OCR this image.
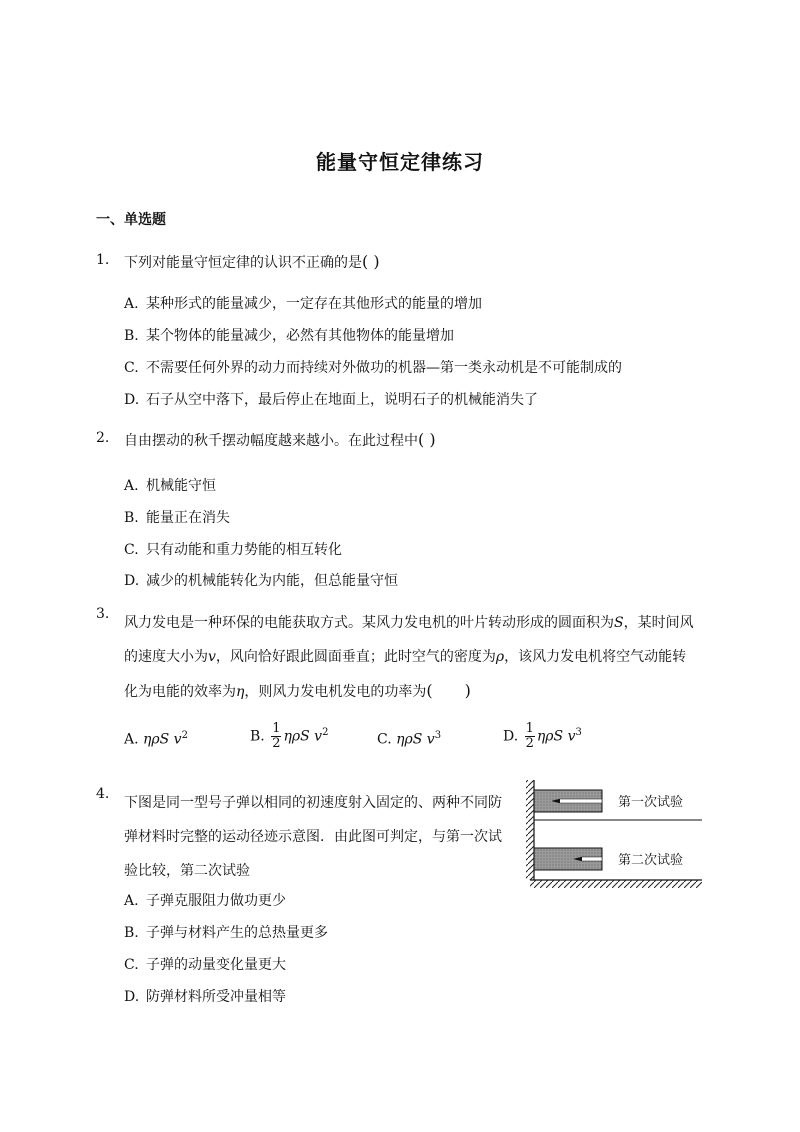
能量守恒定律练习
一、单选题
1.	下列对能量守恒定律的认识不正确的是( )
A. 某种形式的能量减少，一定存在其他形式的能量的增加
B. 某个物体的能量减少，必然有其他物体的能量增加
C. 不需要任何外界的动力而持续对外做功的机器—第一类永动机是不可能制成的
D. 石子从空中落下，最后停止在地面上，说明石子的机械能消失了
2.	自由摆动的秋千摆动幅度越来越小。在此过程中( )
A. 机械能守恒
B. 能量正在消失
C. 只有动能和重力势能的相互转化
D. 减少的机械能转化为内能，但总能量守恒
3.
风力发电是一种环保的电能获取方式。某风力发电机的叶片转动形成的圆面积为S，某时间风
的速度大小为v，风向恰好跟此圆面垂直；此时空气的密度为ρ，该风力发电机将空气动能转
化为电能的效率为η，则风力发电机发电的功率为(　　)
A. ηρS $v^2$	B. $\frac{1}{2}$ ηρS $v^2$	C. ηρS $v^3$	D. $\frac{1}{2}$ ηρS $v^3$
4.
下图是同一型号子弹以相同的初速度射入固定的、两种不同防
弹材料时完整的运动径迹示意图．由此图可判定，与第一次试
验比较，第二次试验
第一次试验
第二次试验
A. 子弹克服阻力做功更少
B. 子弹与材料产生的总热量更多
C. 子弹的动量变化量更大
D. 防弹材料所受冲量相等
